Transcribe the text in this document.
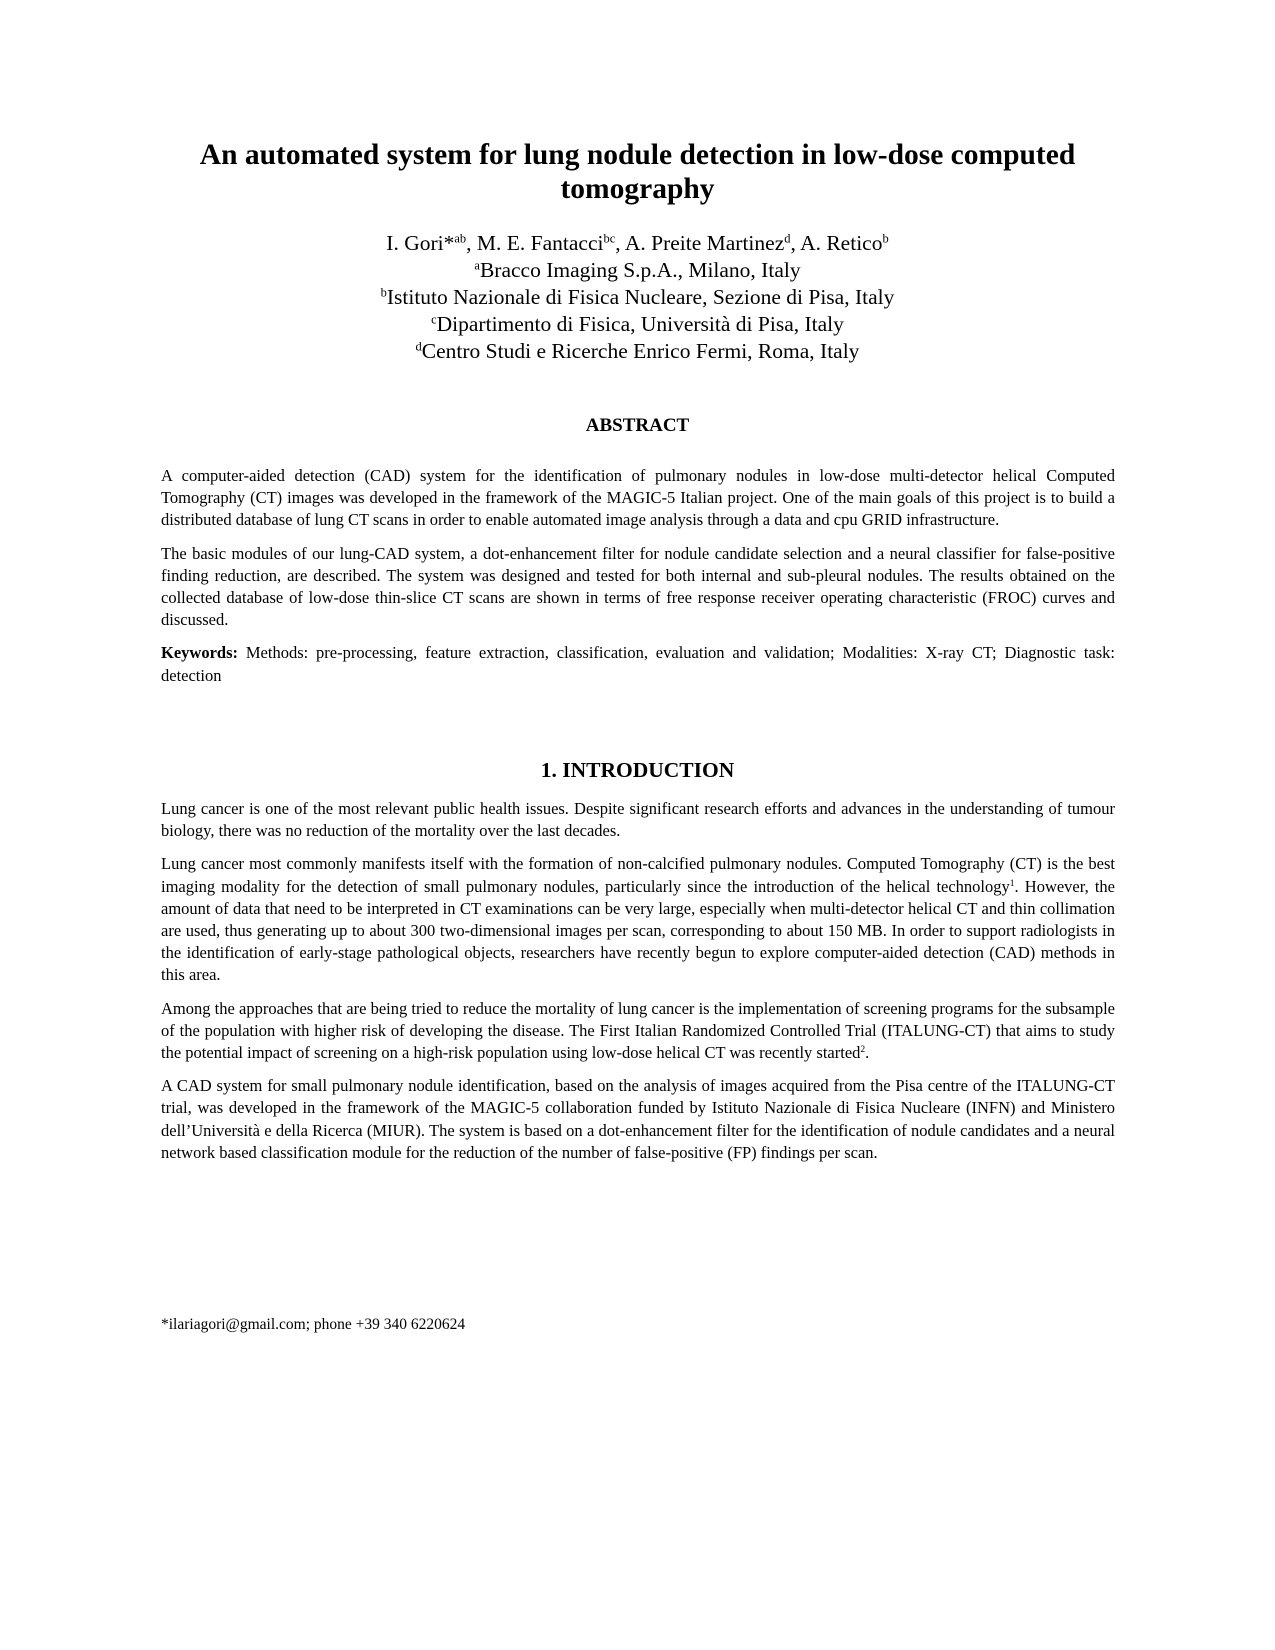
An automated system for lung nodule detection in low-dose computed tomography
I. Gori*$^{ab}$, M. E. Fantacci$^{bc}$, A. Preite Martinez$^d$, A. Retico$^b$
$^a$Bracco Imaging S.p.A., Milano, Italy
$^b$Istituto Nazionale di Fisica Nucleare, Sezione di Pisa, Italy
$^c$Dipartimento di Fisica, Università di Pisa, Italy
$^d$Centro Studi e Ricerche Enrico Fermi, Roma, Italy
ABSTRACT

A computer-aided detection (CAD) system for the identification of pulmonary nodules in low-dose multi-detector helical Computed Tomography (CT) images was developed in the framework of the MAGIC-5 Italian project. One of the main goals of this project is to build a distributed database of lung CT scans in order to enable automated image analysis through a data and cpu GRID infrastructure.

The basic modules of our lung-CAD system, a dot-enhancement filter for nodule candidate selection and a neural classifier for false-positive finding reduction, are described. The system was designed and tested for both internal and sub-pleural nodules. The results obtained on the collected database of low-dose thin-slice CT scans are shown in terms of free response receiver operating characteristic (FROC) curves and discussed.

Keywords: Methods: pre-processing, feature extraction, classification, evaluation and validation; Modalities: X-ray CT; Diagnostic task: detection

1. INTRODUCTION

Lung cancer is one of the most relevant public health issues. Despite significant research efforts and advances in the understanding of tumour biology, there was no reduction of the mortality over the last decades.

Lung cancer most commonly manifests itself with the formation of non-calcified pulmonary nodules. Computed Tomography (CT) is the best imaging modality for the detection of small pulmonary nodules, particularly since the introduction of the helical technology$^1$. However, the amount of data that need to be interpreted in CT examinations can be very large, especially when multi-detector helical CT and thin collimation are used, thus generating up to about 300 two-dimensional images per scan, corresponding to about 150 MB. In order to support radiologists in the identification of early-stage pathological objects, researchers have recently begun to explore computer-aided detection (CAD) methods in this area.

Among the approaches that are being tried to reduce the mortality of lung cancer is the implementation of screening programs for the subsample of the population with higher risk of developing the disease. The First Italian Randomized Controlled Trial (ITALUNG-CT) that aims to study the potential impact of screening on a high-risk population using low-dose helical CT was recently started$^2$.

A CAD system for small pulmonary nodule identification, based on the analysis of images acquired from the Pisa centre of the ITALUNG-CT trial, was developed in the framework of the MAGIC-5 collaboration funded by Istituto Nazionale di Fisica Nucleare (INFN) and Ministero dell’Università e della Ricerca (MIUR). The system is based on a dot-enhancement filter for the identification of nodule candidates and a neural network based classification module for the reduction of the number of false-positive (FP) findings per scan.

*ilariagori@gmail.com; phone +39 340 6220624
